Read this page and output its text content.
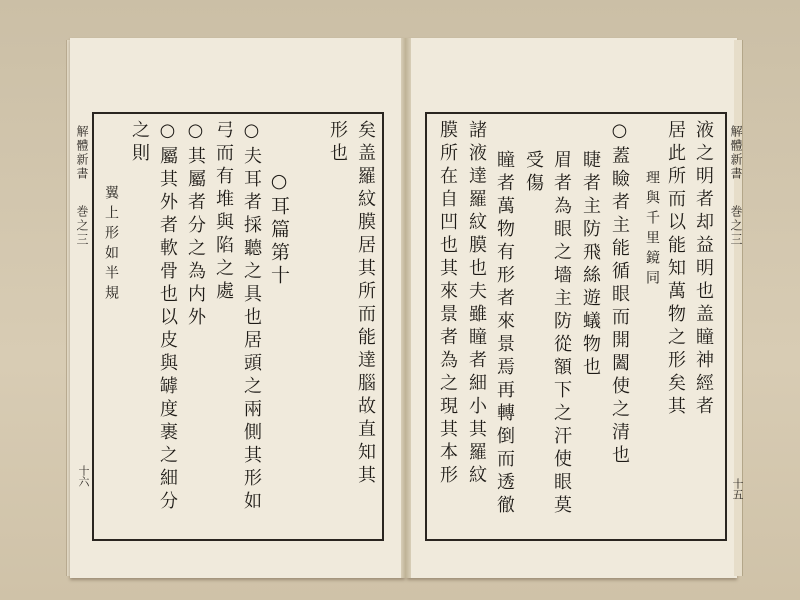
解體新書
巻之三
十五
解體新書
巻之三
十六
液之明者却益明也盖瞳神經者
居此所而以能知萬物之形矣其
理與千里鏡同
○蓋瞼者主能循眼而開闔使之清也
睫者主防飛絲遊蟻物也
眉者為眼之墻主防從額下之汗使眼莫
受傷
瞳者萬物有形者來景焉再轉倒而透徹
諸液達羅紋膜也夫雖瞳者細小其羅紋
膜所在自凹也其來景者為之現其本形
矣盖羅紋膜居其所而能達腦故直知其
形也
○耳篇第十
○夫耳者採聽之具也居頭之兩側其形如
弓而有堆與陷之處
○其屬者分之為内外
○屬其外者軟骨也以皮與罅度裹之細分
之則
翼上形如半規
